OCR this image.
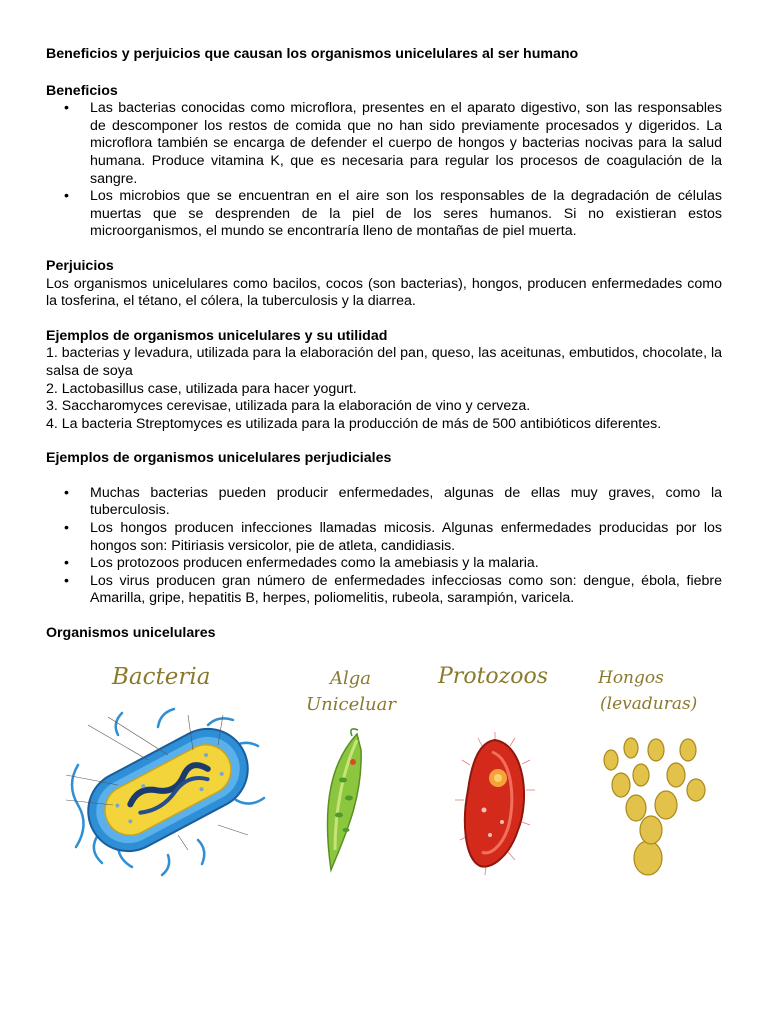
Beneficios y perjuicios que causan los organismos unicelulares al ser humano
Beneficios
• Las bacterias conocidas como microflora, presentes en el aparato digestivo, son las responsables de descomponer los restos de comida que no han sido previamente procesados y digeridos. La microflora también se encarga de defender el cuerpo de hongos y bacterias nocivas para la salud humana. Produce vitamina K, que es necesaria para regular los procesos de coagulación de la sangre.
• Los microbios que se encuentran en el aire son los responsables de la degradación de células muertas que se desprenden de la piel de los seres humanos. Si no existieran estos microorganismos, el mundo se encontraría lleno de montañas de piel muerta.
Perjuicios

Los organismos unicelulares como bacilos, cocos (son bacterias), hongos, producen enfermedades como la tosferina, el tétano, el cólera, la tuberculosis y la diarrea.

Ejemplos de organismos unicelulares y su utilidad
1. bacterias y levadura, utilizada para la elaboración del pan, queso, las aceitunas, embutidos, chocolate, la salsa de soya
2. Lactobasillus case, utilizada para hacer yogurt.
3. Saccharomyces cerevisae, utilizada para la elaboración de vino y cerveza.
4. La bacteria Streptomyces es utilizada para la producción de más de 500 antibióticos diferentes.
Ejemplos de organismos unicelulares perjudiciales
• Muchas bacterias pueden producir enfermedades, algunas de ellas muy graves, como la tuberculosis.
• Los hongos producen infecciones llamadas micosis. Algunas enfermedades producidas por los hongos son: Pitiriasis versicolor, pie de atleta, candidiasis.
• Los protozoos producen enfermedades como la amebiasis y la malaria.
• Los virus producen gran número de enfermedades infecciosas como son: dengue, ébola, fiebre Amarilla, gripe, hepatitis B, herpes, poliomelitis, rubeola, sarampión, varicela.
Organismos unicelulares
Bacteria	Alga
Uniceluar
Protozoos	Hongos
(levaduras)
